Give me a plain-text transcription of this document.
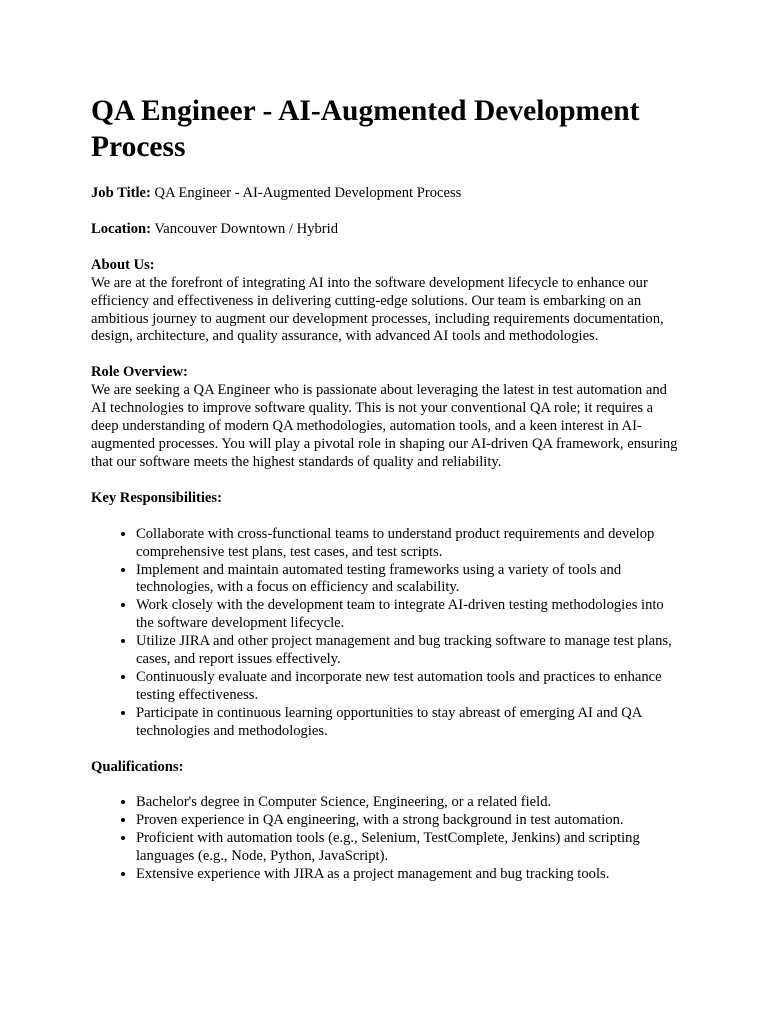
QA Engineer - AI-Augmented Development Process

Job Title: QA Engineer - AI-Augmented Development Process

Location: Vancouver Downtown / Hybrid

About Us:
We are at the forefront of integrating AI into the software development lifecycle to enhance our efficiency and effectiveness in delivering cutting-edge solutions. Our team is embarking on an ambitious journey to augment our development processes, including requirements documentation, design, architecture, and quality assurance, with advanced AI tools and methodologies.

Role Overview:
We are seeking a QA Engineer who is passionate about leveraging the latest in test automation and AI technologies to improve software quality. This is not your conventional QA role; it requires a deep understanding of modern QA methodologies, automation tools, and a keen interest in AI-augmented processes. You will play a pivotal role in shaping our AI-driven QA framework, ensuring that our software meets the highest standards of quality and reliability.

Key Responsibilities:
• Collaborate with cross-functional teams to understand product requirements and develop comprehensive test plans, test cases, and test scripts.
• Implement and maintain automated testing frameworks using a variety of tools and technologies, with a focus on efficiency and scalability.
• Work closely with the development team to integrate AI-driven testing methodologies into the software development lifecycle.
• Utilize JIRA and other project management and bug tracking software to manage test plans, cases, and report issues effectively.
• Continuously evaluate and incorporate new test automation tools and practices to enhance testing effectiveness.
• Participate in continuous learning opportunities to stay abreast of emerging AI and QA technologies and methodologies.
Qualifications:
• Bachelor's degree in Computer Science, Engineering, or a related field.
• Proven experience in QA engineering, with a strong background in test automation.
• Proficient with automation tools (e.g., Selenium, TestComplete, Jenkins) and scripting languages (e.g., Node, Python, JavaScript).
• Extensive experience with JIRA as a project management and bug tracking tools.
